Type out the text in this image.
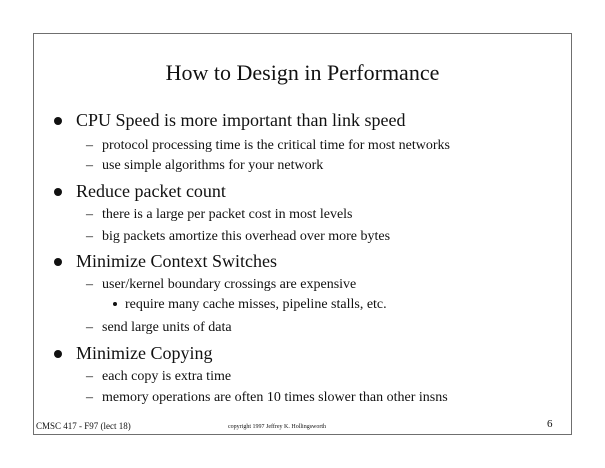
How to Design in Performance
CPU Speed is more important than link speed
– protocol processing time is the critical time for most networks
– use simple algorithms for your network
Reduce packet count
– there is a large per packet cost in most levels
– big packets amortize this overhead over more bytes
Minimize Context Switches
– user/kernel boundary crossings are expensive
require many cache misses, pipeline stalls, etc.
– send large units of data
Minimize Copying
– each copy is extra time
– memory operations are often 10 times slower than other insns
CMSC 417 - F97 (lect 18)	copyright 1997 Jeffrey K. Hollingsworth	6
